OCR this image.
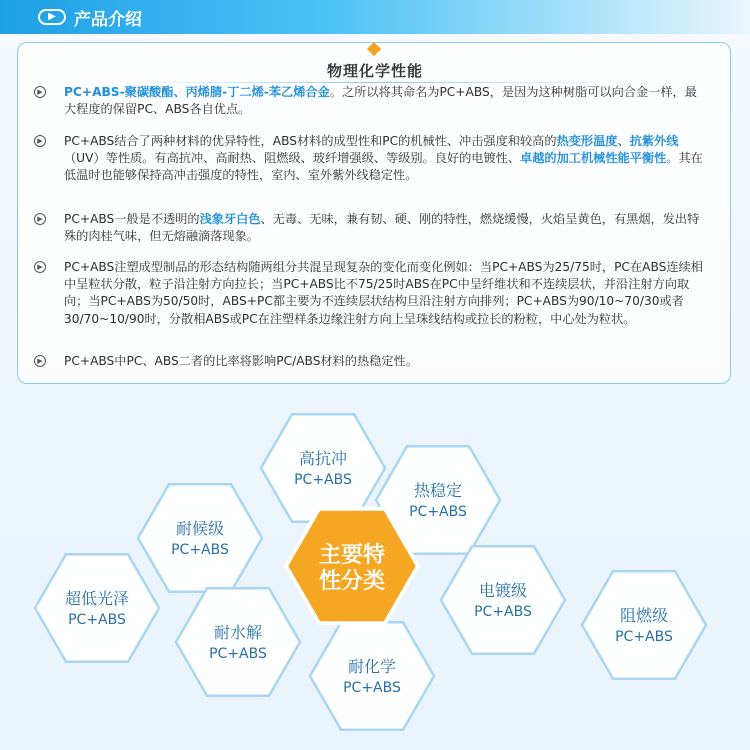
▶ 产品介绍
物理化学性能
▶	PC+ABS-聚碳酸酯、丙烯腈-丁二烯-苯乙烯合金。之所以将其命名为PC+ABS，是因为这种树脂可以向合金一样，最大程度的保留PC、ABS各自优点。
▶	PC+ABS结合了两种材料的优异特性，ABS材料的成型性和PC的机械性、冲击强度和较高的热变形温度、抗紫外线（UV）等性质。有高抗冲、高耐热、阻燃级、玻纤增强级、等级别。良好的电镀性、卓越的加工机械性能平衡性。其在低温时也能够保持高冲击强度的特性，室内、室外紫外线稳定性。
▶	PC+ABS一般是不透明的浅象牙白色、无毒、无味，兼有韧、硬、刚的特性，燃烧缓慢，火焰呈黄色，有黑烟，发出特殊的肉桂气味，但无熔融滴落现象。
▶	PC+ABS注塑成型制品的形态结构随两组分共混呈现复杂的变化而变化例如：当PC+ABS为25/75时，PC在ABS连续相中呈粒状分散，粒子沿注射方向拉长；当PC+ABS比不75/25时ABS在PC中呈纤维状和不连续层状，并沿注射方向取向；当PC+ABS为50/50时，ABS+PC都主要为不连续层状结构旦沿注射方向排列；PC+ABS为90/10~70/30或者30/70~10/90时，分散相ABS或PC在注塑样条边缘注射方向上呈珠线结构或拉长的粉粒，中心处为粒状。
▶	PC+ABS中PC、ABS二者的比率将影响PC/ABS材料的热稳定性。
高抗冲
PC+ABS
热稳定
PC+ABS
耐候级
PC+ABS
电镀级
PC+ABS
超低光泽
PC+ABS	阻燃级
PC+ABS
耐水解
PC+ABS
耐化学
PC+ABS
主要特
性分类
